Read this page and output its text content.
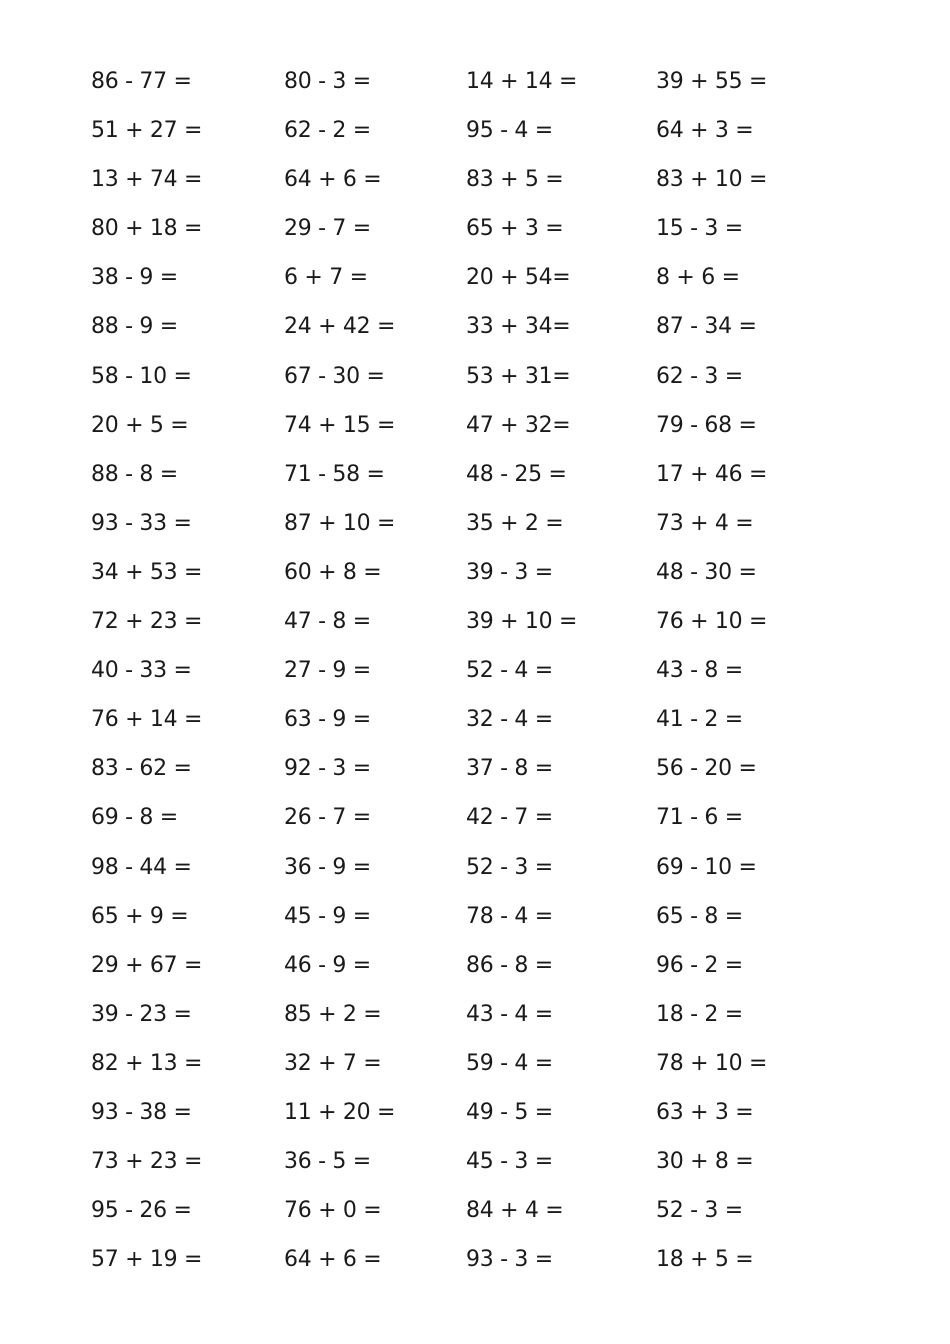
86 - 77 =	80 - 3 =	14 + 14 =	39 + 55 =
51 + 27 =	62 - 2 =	95 - 4 =	64 + 3 =
13 + 74 =	64 + 6 =	83 + 5 =	83 + 10 =
80 + 18 =	29 - 7 =	65 + 3 =	15 - 3 =
38 - 9 =	6 + 7 =	20 + 54=	8 + 6 =
88 - 9 =	24 + 42 =	33 + 34=	87 - 34 =
58 - 10 =	67 - 30 =	53 + 31=	62 - 3 =
20 + 5 =	74 + 15 =	47 + 32=	79 - 68 =
88 - 8 =	71 - 58 =	48 - 25 =	17 + 46 =
93 - 33 =	87 + 10 =	35 + 2 =	73 + 4 =
34 + 53 =	60 + 8 =	39 - 3 =	48 - 30 =
72 + 23 =	47 - 8 =	39 + 10 =	76 + 10 =
40 - 33 =	27 - 9 =	52 - 4 =	43 - 8 =
76 + 14 =	63 - 9 =	32 - 4 =	41 - 2 =
83 - 62 =	92 - 3 =	37 - 8 =	56 - 20 =
69 - 8 =	26 - 7 =	42 - 7 =	71 - 6 =
98 - 44 =	36 - 9 =	52 - 3 =	69 - 10 =
65 + 9 =	45 - 9 =	78 - 4 =	65 - 8 =
29 + 67 =	46 - 9 =	86 - 8 =	96 - 2 =
39 - 23 =	85 + 2 =	43 - 4 =	18 - 2 =
82 + 13 =	32 + 7 =	59 - 4 =	78 + 10 =
93 - 38 =	11 + 20 =	49 - 5 =	63 + 3 =
73 + 23 =	36 - 5 =	45 - 3 =	30 + 8 =
95 - 26 =	76 + 0 =	84 + 4 =	52 - 3 =
57 + 19 =	64 + 6 =	93 - 3 =	18 + 5 =
